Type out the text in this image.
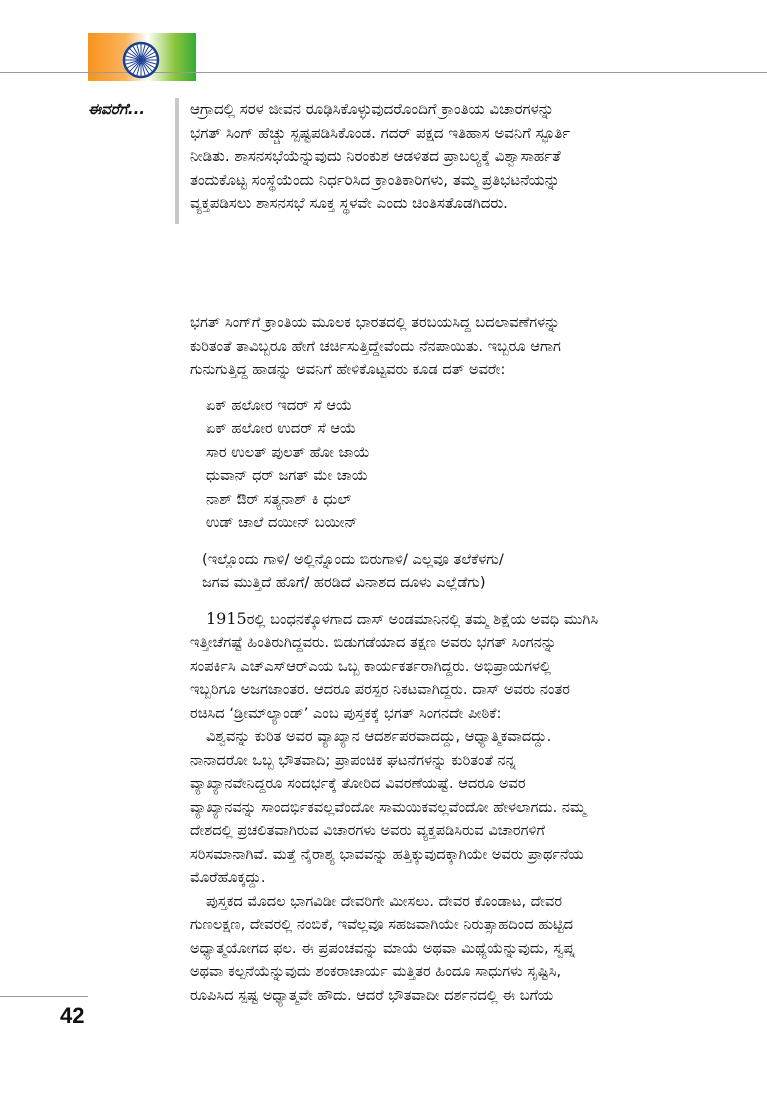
ಈವರೆಗೆ...	ಆಗ್ರಾದಲ್ಲಿ ಸರಳ ಜೀವನ ರೂಢಿಸಿಕೊಳ್ಳುವುದರೊಂದಿಗೆ ಕ್ರಾಂತಿಯ ವಿಚಾರಗಳನ್ನು
ಭಗತ್ ಸಿಂಗ್ ಹೆಚ್ಚು ಸ್ಪಷ್ಟಪಡಿಸಿಕೊಂಡ. ಗದರ್ ಪಕ್ಷದ ಇತಿಹಾಸ ಅವನಿಗೆ ಸ್ಫೂರ್ತಿ
ನೀಡಿತು. ಶಾಸನಸಭೆಯೆನ್ನುವುದು ನಿರಂಕುಶ ಆಡಳಿತದ ಪ್ರಾಬಲ್ಯಕ್ಕೆ ವಿಶ್ವಾಸಾರ್ಹತೆ
ತಂದುಕೊಟ್ಟ ಸಂಸ್ಥೆಯೆಂದು ನಿರ್ಧರಿಸಿದ ಕ್ರಾಂತಿಕಾರಿಗಳು, ತಮ್ಮ ಪ್ರತಿಭಟನೆಯನ್ನು
ವ್ಯಕ್ತಪಡಿಸಲು ಶಾಸನಸಭೆ ಸೂಕ್ತ ಸ್ಥಳವೇ ಎಂದು ಚಿಂತಿಸತೊಡಗಿದರು.
ಭಗತ್ ಸಿಂಗ್‌ಗೆ ಕ್ರಾಂತಿಯ ಮೂಲಕ ಭಾರತದಲ್ಲಿ ತರಬಯಸಿದ್ದ ಬದಲಾವಣೆಗಳನ್ನು
ಕುರಿತಂತೆ ತಾವಿಬ್ಬರೂ ಹೇಗೆ ಚರ್ಚಿಸುತ್ತಿದ್ದೇವೆಂದು ನೆನಪಾಯಿತು. ಇಬ್ಬರೂ ಆಗಾಗ
ಗುನುಗುತ್ತಿದ್ದ ಹಾಡನ್ನು ಅವನಿಗೆ ಹೇಳಿಕೊಟ್ಟವರು ಕೂಡ ದತ್ ಅವರೇ:
ಏಕ್ ಹಲೋರ ಇದರ್ ಸೆ ಆಯೆ
ಏಕ್ ಹಲೋರ ಉದರ್ ಸೆ ಆಯೆ
ಸಾರ ಉಲತ್ ಪುಲತ್ ಹೋ ಜಾಯೆ
ಧುವಾನ್ ಧರ್ ಜಗತ್ ಮೇ ಚಾಯೆ
ನಾಶ್ ಔರ್ ಸತ್ಯನಾಶ್ ಕಿ ಧುಲ್
ಉಡ್ ಚಾಲೆ ದಯೀನ್ ಬಯೀನ್
(ಇಲ್ಲೊಂದು ಗಾಳಿ/ ಅಲ್ಲಿನ್ನೊಂದು ಬಿರುಗಾಳಿ/ ಎಲ್ಲವೂ ತಲೆಕೆಳಗು/
ಜಗವ ಮುತ್ತಿದೆ ಹೊಗೆ/ ಹರಡಿದೆ ವಿನಾಶದ ದೂಳು ಎಲ್ಲೆಡೆಗು)
1915ರಲ್ಲಿ ಬಂಧನಕ್ಕೊಳಗಾದ ದಾಸ್ ಅಂಡಮಾನಿನಲ್ಲಿ ತಮ್ಮ ಶಿಕ್ಷೆಯ ಅವಧಿ ಮುಗಿಸಿ
ಇತ್ತೀಚೆಗಷ್ಟೆ ಹಿಂತಿರುಗಿದ್ದವರು. ಬಿಡುಗಡೆಯಾದ ತಕ್ಷಣ ಅವರು ಭಗತ್ ಸಿಂಗನನ್ನು
ಸಂಪರ್ಕಿಸಿ ಎಚ್‌ಎಸ್‌ಆರ್‌ಎಯ ಒಬ್ಬ ಕಾರ್ಯಕರ್ತರಾಗಿದ್ದರು. ಅಭಿಪ್ರಾಯಗಳಲ್ಲಿ
ಇಬ್ಬರಿಗೂ ಅಜಗಜಾಂತರ. ಆದರೂ ಪರಸ್ಪರ ನಿಕಟವಾಗಿದ್ದರು. ದಾಸ್ ಅವರು ನಂತರ
ರಚಿಸಿದ ‘ಡ್ರೀಮ್‌ಲ್ಯಾಂಡ್’ ಎಂಬ ಪುಸ್ತಕಕ್ಕೆ ಭಗತ್ ಸಿಂಗನದೇ ಪೀಠಿಕೆ:
ವಿಶ್ವವನ್ನು ಕುರಿತ ಅವರ ವ್ಯಾಖ್ಯಾನ ಆದರ್ಶಪರವಾದದ್ದು, ಆಧ್ಯಾತ್ಮಿಕವಾದದ್ದು.
ನಾನಾದರೋ ಒಬ್ಬ ಭೌತವಾದಿ; ಪ್ರಾಪಂಚಿಕ ಘಟನೆಗಳನ್ನು ಕುರಿತಂತೆ ನನ್ನ
ವ್ಯಾಖ್ಯಾನವೇನಿದ್ದರೂ ಸಂದರ್ಭಕ್ಕೆ ತೋರಿದ ವಿವರಣೆಯಷ್ಟೆ. ಆದರೂ ಅವರ
ವ್ಯಾಖ್ಯಾನವನ್ನು ಸಾಂದರ್ಭಿಕವಲ್ಲವೆಂದೋ ಸಾಮಯಿಕವಲ್ಲವೆಂದೋ ಹೇಳಲಾಗದು. ನಮ್ಮ
ದೇಶದಲ್ಲಿ ಪ್ರಚಲಿತವಾಗಿರುವ ವಿಚಾರಗಳು ಅವರು ವ್ಯಕ್ತಪಡಿಸಿರುವ ವಿಚಾರಗಳಿಗೆ
ಸರಿಸಮಾನಾಗಿವೆ. ಮತ್ತೆ ನೈರಾಶ್ಯ ಭಾವವನ್ನು ಹತ್ತಿಕ್ಕುವುದಕ್ಕಾಗಿಯೇ ಅವರು ಪ್ರಾರ್ಥನೆಯ
ಮೊರೆಹೊಕ್ಕದ್ದು.
ಪುಸ್ತಕದ ಮೊದಲ ಭಾಗವಿಡೀ ದೇವರಿಗೇ ಮೀಸಲು. ದೇವರ ಕೊಂಡಾಟ, ದೇವರ
ಗುಣಲಕ್ಷಣ, ದೇವರಲ್ಲಿ ನಂಬಿಕೆ, ಇವೆಲ್ಲವೂ ಸಹಜವಾಗಿಯೇ ನಿರುತ್ಸಾಹದಿಂದ ಹುಟ್ಟಿದ
ಅಧ್ಯಾತ್ಮಯೋಗದ ಫಲ. ಈ ಪ್ರಪಂಚವನ್ನು ಮಾಯೆ ಅಥವಾ ಮಿಥ್ಯೆಯೆನ್ನುವುದು, ಸ್ವಪ್ನ
ಅಥವಾ ಕಲ್ಪನೆಯೆನ್ನುವುದು ಶಂಕರಾಚಾರ್ಯ ಮತ್ತಿತರ ಹಿಂದೂ ಸಾಧುಗಳು ಸೃಷ್ಟಿಸಿ,
ರೂಪಿಸಿದ ಸ್ಪಷ್ಟ ಅಧ್ಯಾತ್ಮವೇ ಹೌದು. ಆದರೆ ಭೌತವಾದೀ ದರ್ಶನದಲ್ಲಿ ಈ ಬಗೆಯ
42
